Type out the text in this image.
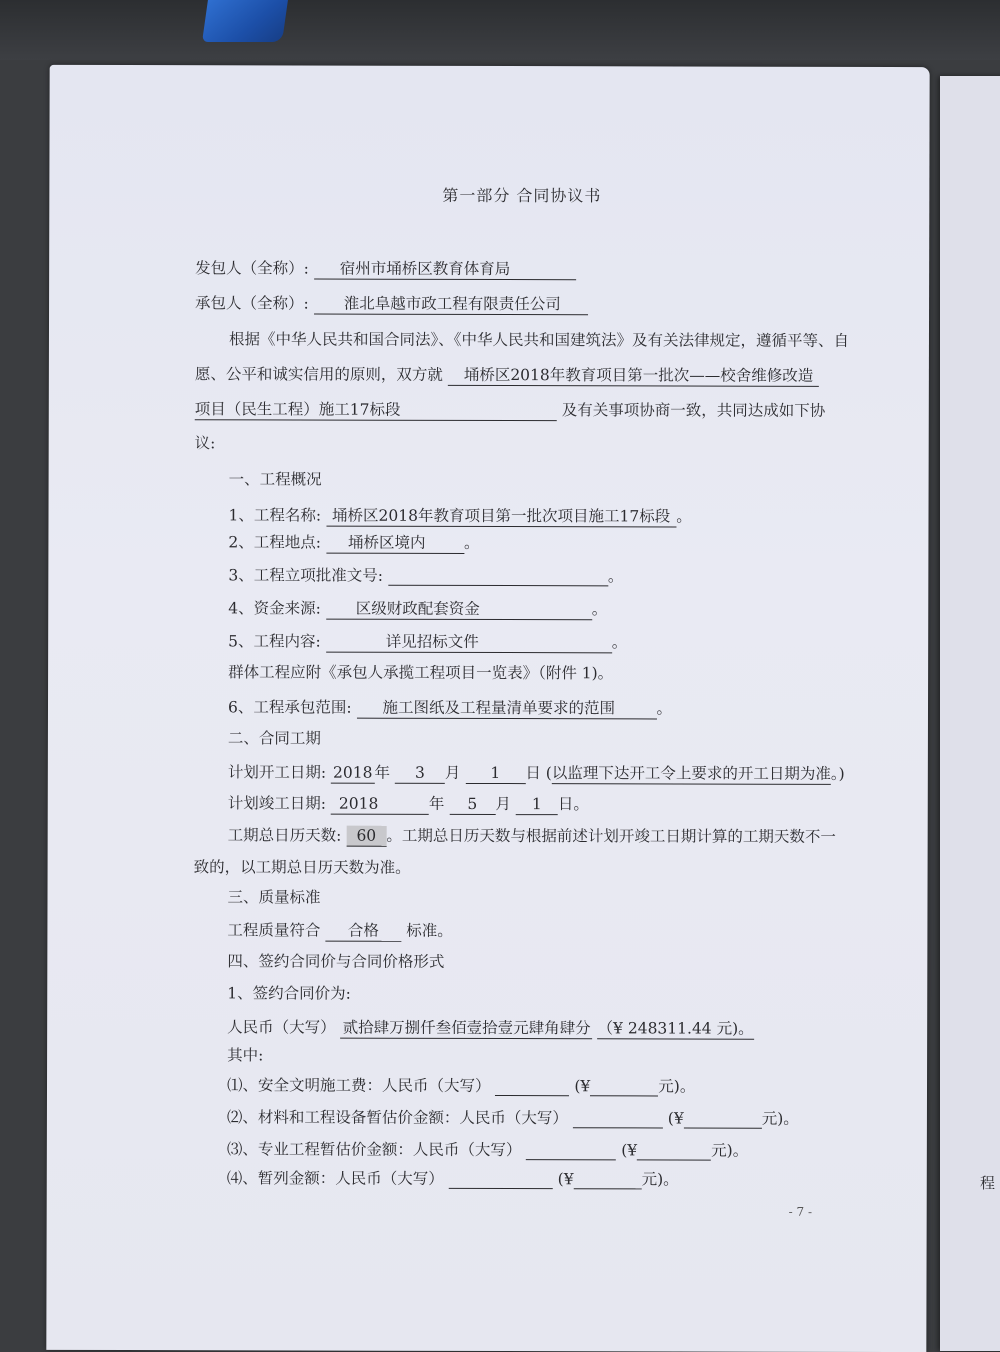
程
第一部分 合同协议书
发包人（全称）: 宿州市埇桥区教育体育局
承包人（全称）: 淮北阜越市政工程有限责任公司
根据《中华人民共和国合同法》、《中华人民共和国建筑法》及有关法律规定，遵循平等、自
愿、公平和诚实信用的原则，双方就 埇桥区2018年教育项目第一批次——校舍维修改造
项目（民生工程）施工17标段	及有关事项协商一致，共同达成如下协
议:
一、工程概况
1、工程名称: 埇桥区2018年教育项目第一批次项目施工17标段 。
2、工程地点: 埇桥区境内 。
3、工程立项批准文号:	。
4、资金来源: 区级财政配套资金	。
5、工程内容:	详见招标文件	。
群体工程应附《承包人承揽工程项目一览表》（附件 1)。
6、工程承包范围: 施工图纸及工程量清单要求的范围	。
二、合同工期
计划开工日期: 2018 年 3 月 1 日 (以监理下达开工令上要求的开工日期为准。)
计划竣工日期: 2018	年 5 月 1 日。
工期总日历天数: 60 。工期总日历天数与根据前述计划开竣工日期计算的工期天数不一
致的，以工期总日历天数为准。
三、质量标准
工程质量符合 合格 标准。
四、签约合同价与合同价格形式
1、签约合同价为:
人民币（大写） 贰拾肆万捌仟叁佰壹拾壹元肆角肆分 （¥ 248311.44 元)。
其中:
⑴、安全文明施工费：人民币（大写）	(¥	元)。
⑵、材料和工程设备暂估价金额：人民币（大写）	(¥	元)。
⑶、专业工程暂估价金额：人民币（大写）	(¥	元)。
⑷、暂列金额：人民币（大写）	(¥	元)。
- 7 -
